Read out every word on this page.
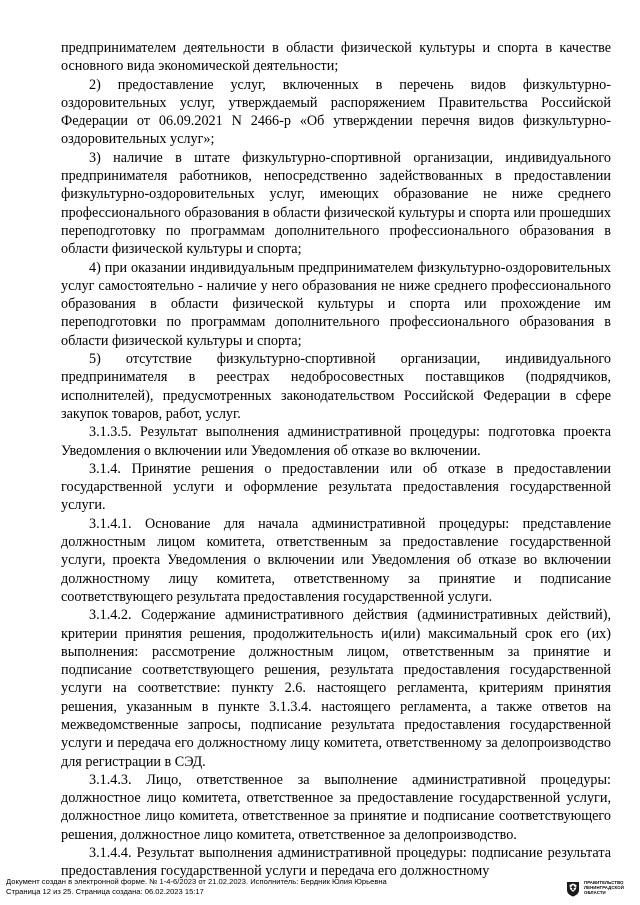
предпринимателем деятельности в области физической культуры и спорта в качестве основного вида экономической деятельности;

2) предоставление услуг, включенных в перечень видов физкультурно-оздоровительных услуг, утверждаемый распоряжением Правительства Российской Федерации от 06.09.2021 N 2466-р «Об утверждении перечня видов физкультурно-оздоровительных услуг»;

3) наличие в штате физкультурно-спортивной организации, индивидуального предпринимателя работников, непосредственно задействованных в предоставлении физкультурно-оздоровительных услуг, имеющих образование не ниже среднего профессионального образования в области физической культуры и спорта или прошедших переподготовку по программам дополнительного профессионального образования в области физической культуры и спорта;

4) при оказании индивидуальным предпринимателем физкультурно-оздоровительных услуг самостоятельно - наличие у него образования не ниже среднего профессионального образования в области физической культуры и спорта или прохождение им переподготовки по программам дополнительного профессионального образования в области физической культуры и спорта;

5) отсутствие физкультурно-спортивной организации, индивидуального предпринимателя в реестрах недобросовестных поставщиков (подрядчиков, исполнителей), предусмотренных законодательством Российской Федерации в сфере закупок товаров, работ, услуг.

3.1.3.5. Результат выполнения административной процедуры: подготовка проекта Уведомления о включении или Уведомления об отказе во включении.

3.1.4. Принятие решения о предоставлении или об отказе в предоставлении государственной услуги и оформление результата предоставления государственной услуги.

3.1.4.1. Основание для начала административной процедуры: представление должностным лицом комитета, ответственным за предоставление государственной услуги, проекта Уведомления о включении или Уведомления об отказе во включении должностному лицу комитета, ответственному за принятие и подписание соответствующего результата предоставления государственной услуги.

3.1.4.2. Содержание административного действия (административных действий), критерии принятия решения, продолжительность и(или) максимальный срок его (их) выполнения: рассмотрение должностным лицом, ответственным за принятие и подписание соответствующего решения, результата предоставления государственной услуги на соответствие: пункту 2.6. настоящего регламента, критериям принятия решения, указанным в пункте 3.1.3.4. настоящего регламента, а также ответов на межведомственные запросы, подписание результата предоставления государственной услуги и передача его должностному лицу комитета, ответственному за делопроизводство для регистрации в СЭД.

3.1.4.3. Лицо, ответственное за выполнение административной процедуры: должностное лицо комитета, ответственное за предоставление государственной услуги, должностное лицо комитета, ответственное за принятие и подписание соответствующего решения, должностное лицо комитета, ответственное за делопроизводство.

3.1.4.4. Результат выполнения административной процедуры: подписание результата предоставления государственной услуги и передача его должностному

Документ создан в электронной форме. № 1-4-6/2023 от 21.02.2023. Исполнитель: Бердник Юлия Юрьевна
Страница 12 из 25. Страница создана: 06.02.2023 15:17
ПРАВИТЕЛЬСТВО
ЛЕНИНГРАДСКОЙ
ОБЛАСТИ
